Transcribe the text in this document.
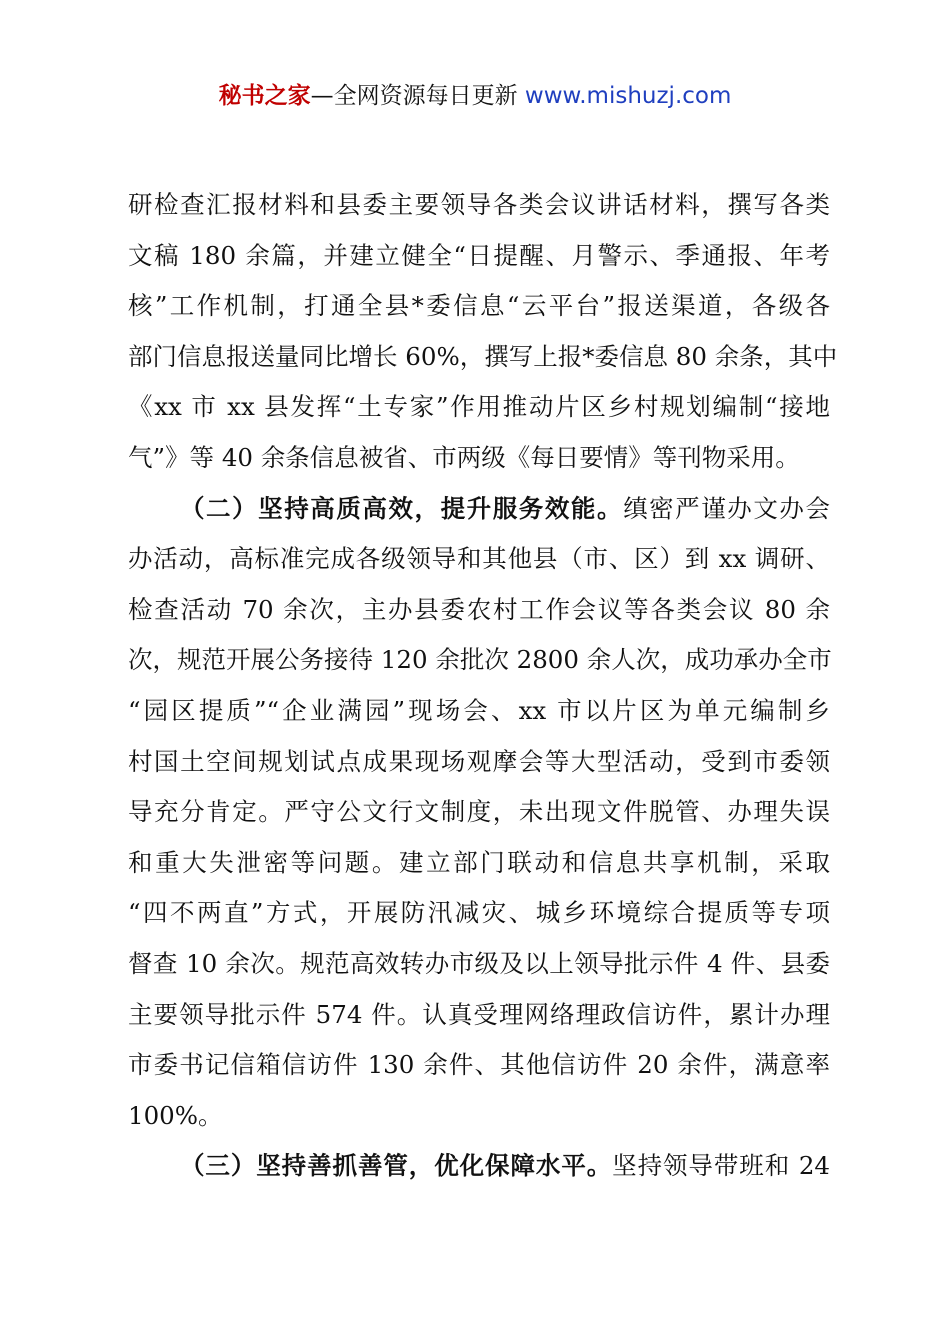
秘书之家—全网资源每日更新 www.mishuzj.com
研检查汇报材料和县委主要领导各类会议讲话材料，撰写各类
文稿 180 余篇，并建立健全“日提醒、月警示、季通报、年考
核”工作机制，打通全县*委信息“云平台”报送渠道，各级各
部门信息报送量同比增长 60%，撰写上报*委信息 80 余条，其中
《xx 市 xx 县发挥“土专家”作用推动片区乡村规划编制“接地
气”》等 40 余条信息被省、市两级《每日要情》等刊物采用。
（二）坚持高质高效，提升服务效能。缜密严谨办文办会
办活动，高标准完成各级领导和其他县（市、区）到 xx 调研、
检查活动 70 余次，主办县委农村工作会议等各类会议 80 余
次，规范开展公务接待 120 余批次 2800 余人次，成功承办全市
“园区提质”“企业满园”现场会、xx 市以片区为单元编制乡
村国土空间规划试点成果现场观摩会等大型活动，受到市委领
导充分肯定。严守公文行文制度，未出现文件脱管、办理失误
和重大失泄密等问题。建立部门联动和信息共享机制，采取
“四不两直”方式，开展防汛减灾、城乡环境综合提质等专项
督查 10 余次。规范高效转办市级及以上领导批示件 4 件、县委
主要领导批示件 574 件。认真受理网络理政信访件，累计办理
市委书记信箱信访件 130 余件、其他信访件 20 余件，满意率
100%。
（三）坚持善抓善管，优化保障水平。坚持领导带班和 24
